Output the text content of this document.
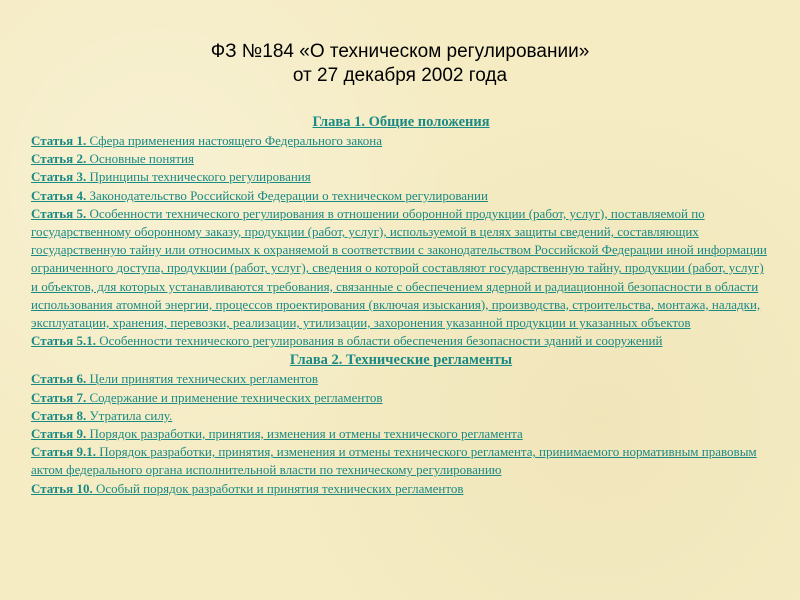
ФЗ №184 «О техническом регулировании»
от 27 декабря 2002 года
Глава 1. Общие положения
Статья 1. Сфера применения настоящего Федерального закона
Статья 2. Основные понятия
Статья 3. Принципы технического регулирования
Статья 4. Законодательство Российской Федерации о техническом регулировании
Статья 5. Особенности технического регулирования в отношении оборонной продукции (работ, услуг), поставляемой по государственному оборонному заказу, продукции (работ, услуг), используемой в целях защиты сведений, составляющих государственную тайну или относимых к охраняемой в соответствии с законодательством Российской Федерации иной информации ограниченного доступа, продукции (работ, услуг), сведения о которой составляют государственную тайну, продукции (работ, услуг) и объектов, для которых устанавливаются требования, связанные с обеспечением ядерной и радиационной безопасности в области использования атомной энергии, процессов проектирования (включая изыскания), производства, строительства, монтажа, наладки, эксплуатации, хранения, перевозки, реализации, утилизации, захоронения указанной продукции и указанных объектов
Статья 5.1. Особенности технического регулирования в области обеспечения безопасности зданий и сооружений
Глава 2. Технические регламенты
Статья 6. Цели принятия технических регламентов
Статья 7. Содержание и применение технических регламентов
Статья 8. Утратила силу.
Статья 9. Порядок разработки, принятия, изменения и отмены технического регламента
Статья 9.1. Порядок разработки, принятия, изменения и отмены технического регламента, принимаемого нормативным правовым актом федерального органа исполнительной власти по техническому регулированию
Статья 10. Особый порядок разработки и принятия технических регламентов
